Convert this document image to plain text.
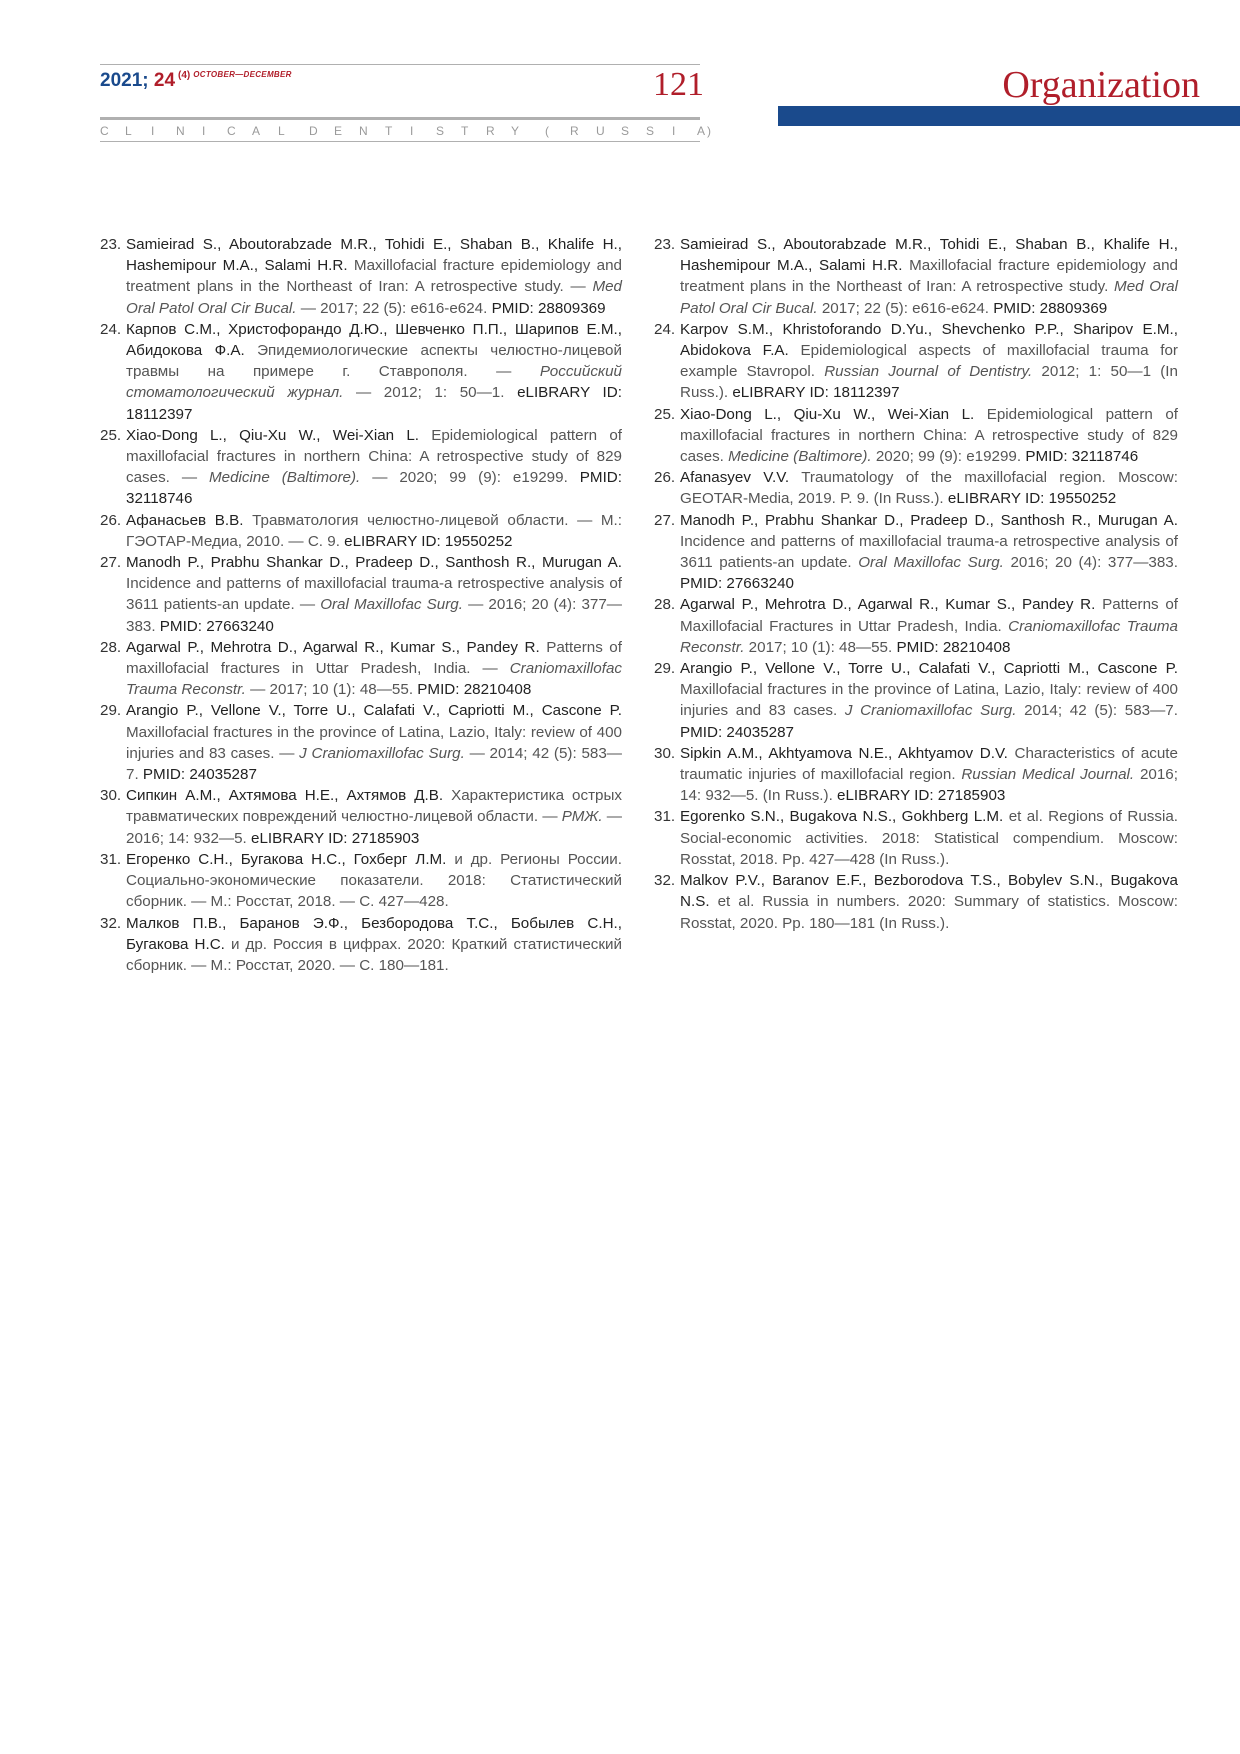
2021; 24 $^{(4)}$ $^{OCTOBER—DECEMBER}$	121
C L I N I C A L D E N T I S T R Y ( R U S S I A )
Organization
23. Samieirad S., Aboutorabzade M.R., Tohidi E., Shaban B., Khalife H., Hashemipour M.A., Salami H.R. Maxillofacial fracture epidemiology and treatment plans in the Northeast of Iran: A retrospective study. — Med Oral Patol Oral Cir Bucal. — 2017; 22 (5): e616-e624. PMID: 28809369
24. Карпов С.М., Христофорандо Д.Ю., Шевченко П.П., Шарипов Е.М., Абидокова Ф.А. Эпидемиологические аспекты челюстно-лицевой травмы на примере г. Ставрополя. — Российский стоматологический журнал. — 2012; 1: 50—1. eLIBRARY ID: 18112397
25. Xiao-Dong L., Qiu-Xu W., Wei-Xian L. Epidemiological pattern of maxillofacial fractures in northern China: A retrospective study of 829 cases. — Medicine (Baltimore). — 2020; 99 (9): e19299. PMID: 32118746
26. Афанасьев В.В. Травматология челюстно-лицевой области. — М.: ГЭОТАР-Медиа, 2010. — С. 9. eLIBRARY ID: 19550252
27. Manodh P., Prabhu Shankar D., Pradeep D., Santhosh R., Murugan A. Incidence and patterns of maxillofacial trauma-a retrospective analysis of 3611 patients-an update. — Oral Maxillofac Surg. — 2016; 20 (4): 377—383. PMID: 27663240
28. Agarwal P., Mehrotra D., Agarwal R., Kumar S., Pandey R. Patterns of maxillofacial fractures in Uttar Pradesh, India. — Craniomaxillofac Trauma Reconstr. — 2017; 10 (1): 48—55. PMID: 28210408
29. Arangio P., Vellone V., Torre U., Calafati V., Capriotti M., Cascone P. Maxillofacial fractures in the province of Latina, Lazio, Italy: review of 400 injuries and 83 cases. — J Craniomaxillofac Surg. — 2014; 42 (5): 583—7. PMID: 24035287
30. Сипкин А.М., Ахтямова Н.Е., Ахтямов Д.В. Характеристика острых травматических повреждений челюстно-лицевой области. — РМЖ. — 2016; 14: 932—5. eLIBRARY ID: 27185903
31. Егоренко С.Н., Бугакова Н.С., Гохберг Л.М. и др. Регионы России. Социально-экономические показатели. 2018: Статистический сборник. — М.: Росстат, 2018. — С. 427—428.
32. Малков П.В., Баранов Э.Ф., Безбородова Т.С., Бобылев С.Н., Бугакова Н.С. и др. Россия в цифрах. 2020: Краткий статистический сборник. — М.: Росстат, 2020. — С. 180—181.
23. Samieirad S., Aboutorabzade M.R., Tohidi E., Shaban B., Khalife H., Hashemipour M.A., Salami H.R. Maxillofacial fracture epidemiology and treatment plans in the Northeast of Iran: A retrospective study. Med Oral Patol Oral Cir Bucal. 2017; 22 (5): e616-e624. PMID: 28809369
24. Karpov S.M., Khristoforando D.Yu., Shevchenko P.P., Sharipov E.M., Abidokova F.A. Epidemiological aspects of maxillofacial trauma for example Stavropol. Russian Journal of Dentistry. 2012; 1: 50—1 (In Russ.). eLIBRARY ID: 18112397
25. Xiao-Dong L., Qiu-Xu W., Wei-Xian L. Epidemiological pattern of maxillofacial fractures in northern China: A retrospective study of 829 cases. Medicine (Baltimore). 2020; 99 (9): e19299. PMID: 32118746
26. Afanasyev V.V. Traumatology of the maxillofacial region. Moscow: GEOTAR-Media, 2019. P. 9. (In Russ.). eLIBRARY ID: 19550252
27. Manodh P., Prabhu Shankar D., Pradeep D., Santhosh R., Murugan A. Incidence and patterns of maxillofacial trauma-a retrospective analysis of 3611 patients-an update. Oral Maxillofac Surg. 2016; 20 (4): 377—383. PMID: 27663240
28. Agarwal P., Mehrotra D., Agarwal R., Kumar S., Pandey R. Patterns of Maxillofacial Fractures in Uttar Pradesh, India. Craniomaxillofac Trauma Reconstr. 2017; 10 (1): 48—55. PMID: 28210408
29. Arangio P., Vellone V., Torre U., Calafati V., Capriotti M., Cascone P. Maxillofacial fractures in the province of Latina, Lazio, Italy: review of 400 injuries and 83 cases. J Craniomaxillofac Surg. 2014; 42 (5): 583—7. PMID: 24035287
30. Sipkin A.M., Akhtyamova N.E., Akhtyamov D.V. Characteristics of acute traumatic injuries of maxillofacial region. Russian Medical Journal. 2016; 14: 932—5. (In Russ.). eLIBRARY ID: 27185903
31. Egorenko S.N., Bugakova N.S., Gokhberg L.M. et al. Regions of Russia. Social-economic activities. 2018: Statistical compendium. Moscow: Rosstat, 2018. Pp. 427—428 (In Russ.).
32. Malkov P.V., Baranov E.F., Bezborodova T.S., Bobylev S.N., Bugakova N.S. et al. Russia in numbers. 2020: Summary of statistics. Moscow: Rosstat, 2020. Pp. 180—181 (In Russ.).
